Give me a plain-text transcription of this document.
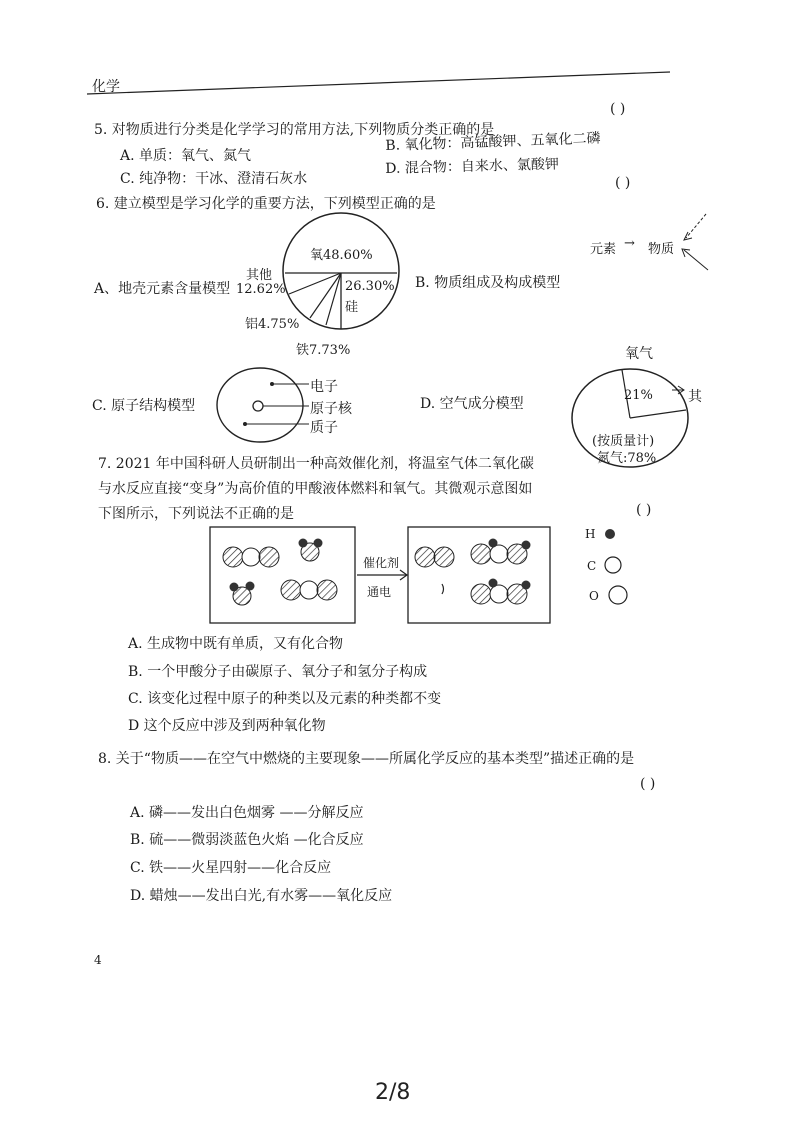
化学
5. 对物质进行分类是化学学习的常用方法,下列物质分类正确的是
( )
A. 单质：氧气、氮气
B. 氧化物：高锰酸钾、五氧化二磷
C. 纯净物：干冰、澄清石灰水
D. 混合物：自来水、氯酸钾
6. 建立模型是学习化学的重要方法，下列模型正确的是
( )
氧48.60%
26.30%
硅
其他
12.62%
铝4.75%
铁7.73%
A、地壳元素含量模型	B. 物质组成及构成模型
元素 → 物质
C. 原子结构模型
电子
原子核
质子
D. 空气成分模型
氧气
21%	其
(按质量计)
氮气:78%
7. 2021 年中国科研人员研制出一种高效催化剂，将温室气体二氧化碳
与水反应直接“变身”为高价值的甲酸液体燃料和氧气。其微观示意图如
下图所示，下列说法不正确的是	( )
催化剂
通电
H
C
O
A. 生成物中既有单质，又有化合物
B. 一个甲酸分子由碳原子、氧分子和氢分子构成
C. 该变化过程中原子的种类以及元素的种类都不变
D 这个反应中涉及到两种氧化物
8. 关于“物质——在空气中燃烧的主要现象——所属化学反应的基本类型”描述正确的是
( )
A. 磷——发出白色烟雾 ——分解反应
B. 硫——微弱淡蓝色火焰 —化合反应
C. 铁——火星四射——化合反应
D. 蜡烛——发出白光,有水雾——氧化反应
4
2/8
